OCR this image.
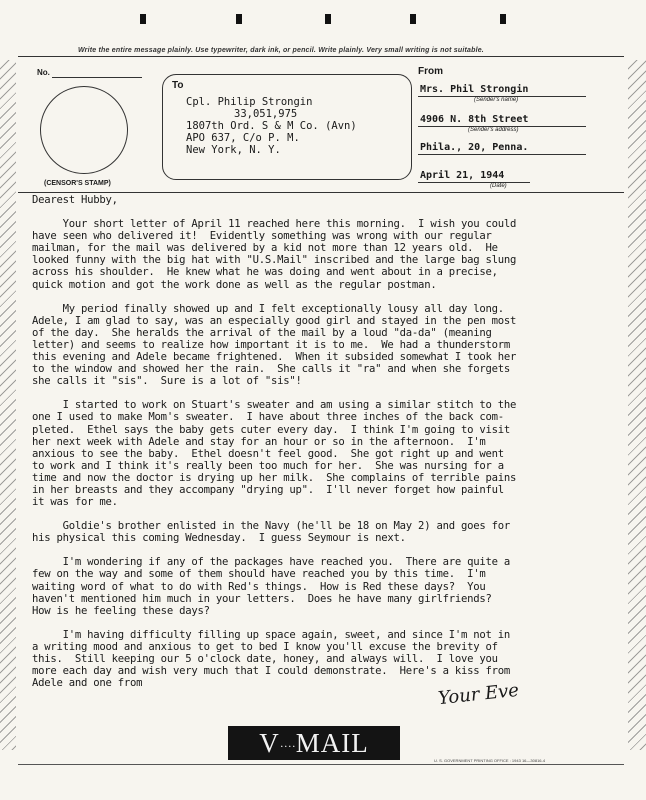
Write the entire message plainly. Use typewriter, dark ink, or pencil. Write plainly. Very small writing is not suitable.
No.
(CENSOR'S STAMP)
To
Cpl. Philip Strongin
33,051,975
1807th Ord. S & M Co. (Avn)
APO 637, C/o P. M.
New York, N. Y.
From
Mrs. Phil Strongin
(Sender's name)
4906 N. 8th Street
(Sender's address)
Phila., 20, Penna.
April 21, 1944
(Date)
Dearest Hubby,
Your short letter of April 11 reached here this morning.  I wish you could
have seen who delivered it!  Evidently something was wrong with our regular
mailman, for the mail was delivered by a kid not more than 12 years old.  He
looked funny with the big hat with "U.S.Mail" inscribed and the large bag slung
across his shoulder.  He knew what he was doing and went about in a precise,
quick motion and got the work done as well as the regular postman.
My period finally showed up and I felt exceptionally lousy all day long.
Adele, I am glad to say, was an especially good girl and stayed in the pen most
of the day.  She heralds the arrival of the mail by a loud "da-da" (meaning
letter) and seems to realize how important it is to me.  We had a thunderstorm
this evening and Adele became frightened.  When it subsided somewhat I took her
to the window and showed her the rain.  She calls it "ra" and when she forgets
she calls it "sis".  Sure is a lot of "sis"!
I started to work on Stuart's sweater and am using a similar stitch to the
one I used to make Mom's sweater.  I have about three inches of the back com-
pleted.  Ethel says the baby gets cuter every day.  I think I'm going to visit
her next week with Adele and stay for an hour or so in the afternoon.  I'm
anxious to see the baby.  Ethel doesn't feel good.  She got right up and went
to work and I think it's really been too much for her.  She was nursing for a
time and now the doctor is drying up her milk.  She complains of terrible pains
in her breasts and they accompany "drying up".  I'll never forget how painful
it was for me.
Goldie's brother enlisted in the Navy (he'll be 18 on May 2) and goes for
his physical this coming Wednesday.  I guess Seymour is next.
I'm wondering if any of the packages have reached you.  There are quite a
few on the way and some of them should have reached you by this time.  I'm
waiting word of what to do with Red's things.  How is Red these days?  You
haven't mentioned him much in your letters.  Does he have many girlfriends?
How is he feeling these days?
I'm having difficulty filling up space again, sweet, and since I'm not in
a writing mood and anxious to get to bed I know you'll excuse the brevity of
this.  Still keeping our 5 o'clock date, honey, and always will.  I love you
more each day and wish very much that I could demonstrate.  Here's a kiss from
Adele and one from	Your Eve
V····MAIL
U. S. GOVERNMENT PRINTING OFFICE : 1943 16—30816-4
